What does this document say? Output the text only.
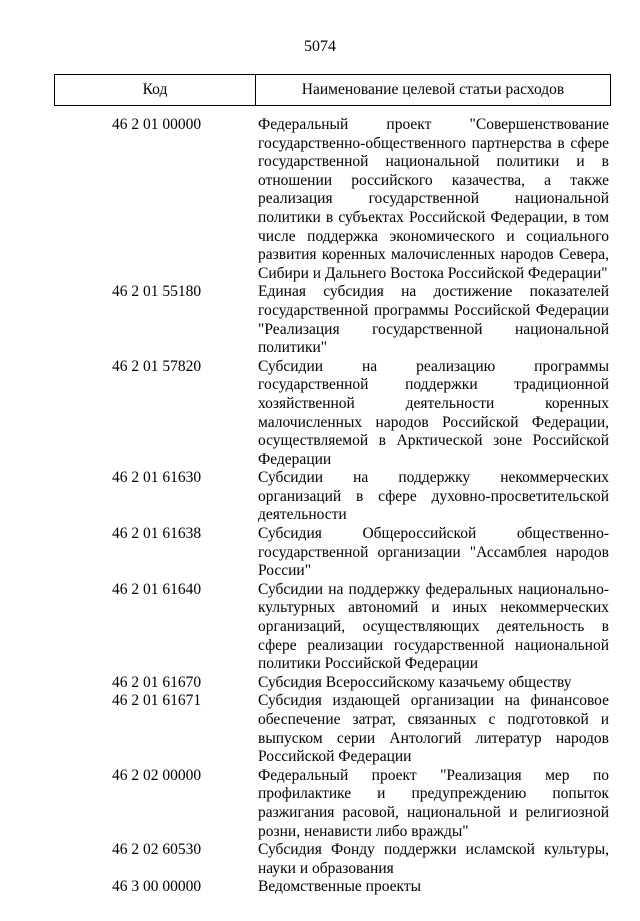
5074
Код	Наименование целевой статьи расходов
46 2 01 00000	Федеральный проект "Совершенствование государственно-общественного партнерства в сфере государственной национальной политики и в отношении российского казачества, а также реализация государственной национальной политики в субъектах Российской Федерации, в том числе поддержка экономического и социального развития коренных малочисленных народов Севера, Сибири и Дальнего Востока Российской Федерации"
46 2 01 55180	Единая субсидия на достижение показателей государственной программы Российской Федерации "Реализация государственной национальной политики"
46 2 01 57820	Субсидии на реализацию программы государственной поддержки традиционной хозяйственной деятельности коренных малочисленных народов Российской Федерации, осуществляемой в Арктической зоне Российской Федерации
46 2 01 61630	Субсидии на поддержку некоммерческих организаций в сфере духовно-просветительской деятельности
46 2 01 61638	Субсидия Общероссийской общественно-государственной организации "Ассамблея народов России"
46 2 01 61640	Субсидии на поддержку федеральных национально-культурных автономий и иных некоммерческих организаций, осуществляющих деятельность в сфере реализации государственной национальной политики Российской Федерации
46 2 01 61670	Субсидия Всероссийскому казачьему обществу
46 2 01 61671	Субсидия издающей организации на финансовое обеспечение затрат, связанных с подготовкой и выпуском серии Антологий литератур народов Российской Федерации
46 2 02 00000	Федеральный проект "Реализация мер по профилактике и предупреждению попыток разжигания расовой, национальной и религиозной розни, ненависти либо вражды"
46 2 02 60530	Субсидия Фонду поддержки исламской культуры, науки и образования
46 3 00 00000	Ведомственные проекты
